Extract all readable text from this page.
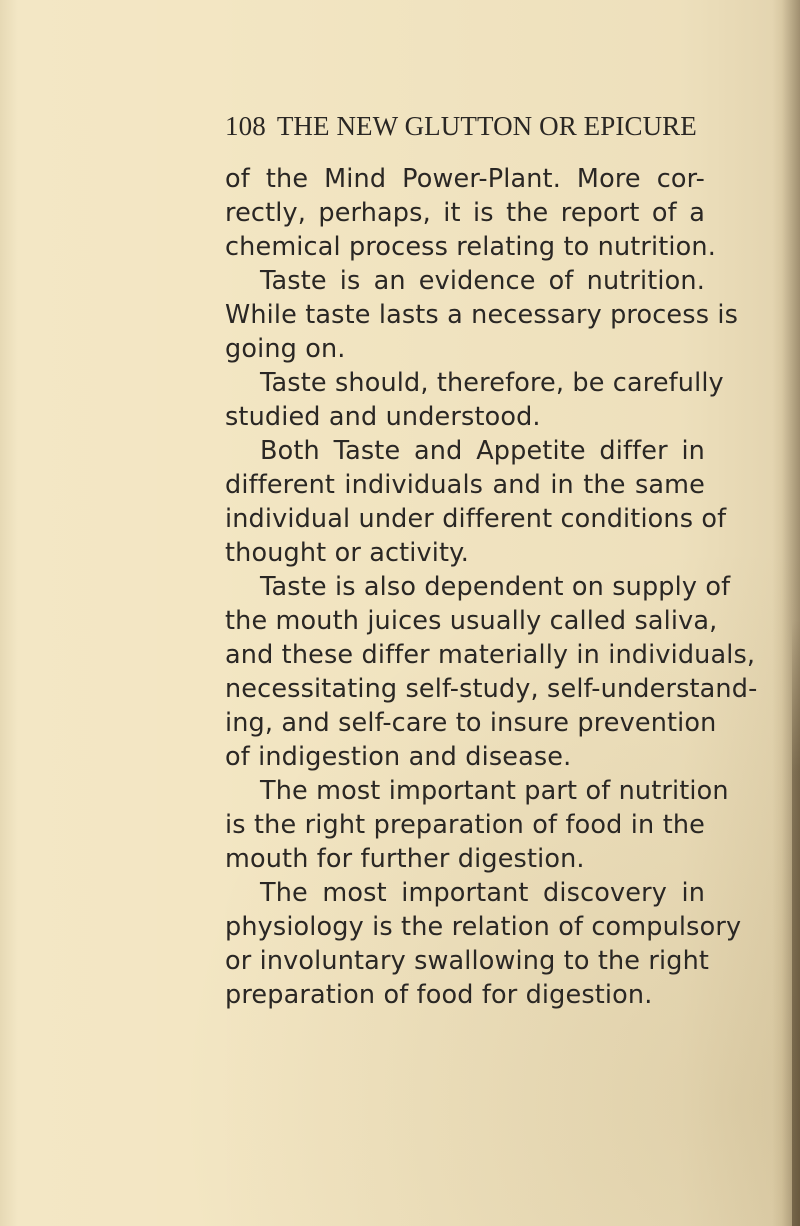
108 THE NEW GLUTTON OR EPICURE
of the Mind Power-Plant. More cor-
rectly, perhaps, it is the report of a
chemical process relating to nutrition.
Taste is an evidence of nutrition.
While taste lasts a necessary process is
going on.
Taste should, therefore, be carefully
studied and understood.
Both Taste and Appetite differ in
different individuals and in the same
individual under different conditions of
thought or activity.
Taste is also dependent on supply of
the mouth juices usually called saliva,
and these differ materially in individuals,
necessitating self-study, self-understand-
ing, and self-care to insure prevention
of indigestion and disease.
The most important part of nutrition
is the right preparation of food in the
mouth for further digestion.
The most important discovery in
physiology is the relation of compulsory
or involuntary swallowing to the right
preparation of food for digestion.
